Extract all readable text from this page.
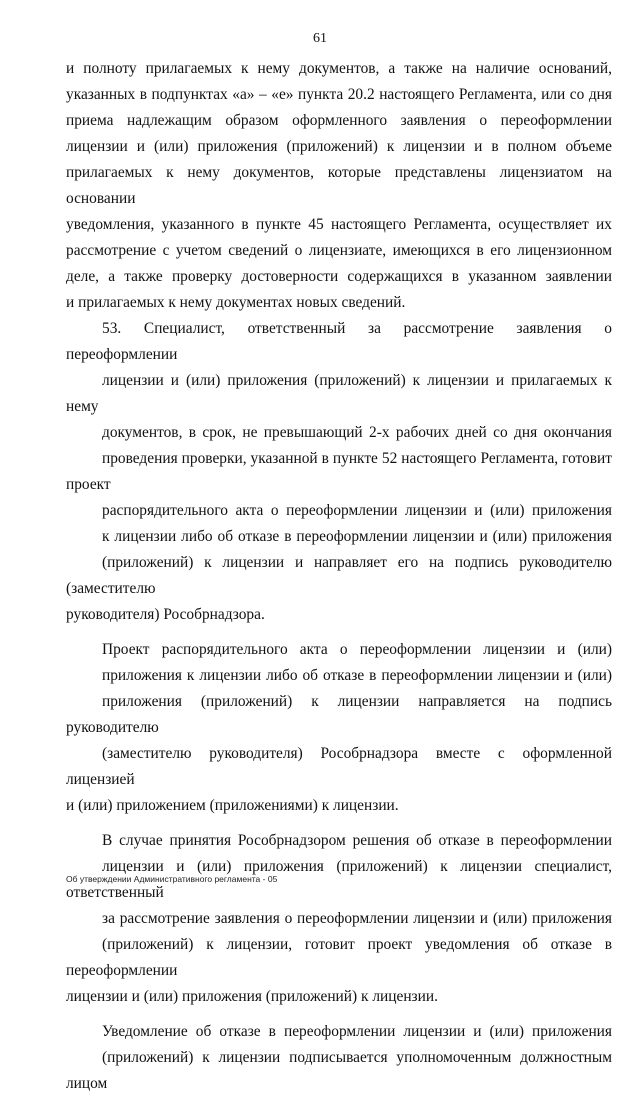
61

и полноту прилагаемых к нему документов, а также на наличие оснований,
указанных в подпунктах «а» – «е» пункта 20.2 настоящего Регламента, или со дня
приема надлежащим образом оформленного заявления о переоформлении
лицензии и (или) приложения (приложений) к лицензии и в полном объеме
прилагаемых к нему документов, которые представлены лицензиатом на основании
уведомления, указанного в пункте 45 настоящего Регламента, осуществляет их
рассмотрение с учетом сведений о лицензиате, имеющихся в его лицензионном
деле, а также проверку достоверности содержащихся в указанном заявлении

и прилагаемых к нему документах новых сведений.

53. Специалист, ответственный за рассмотрение заявления о переоформлении
лицензии и (или) приложения (приложений) к лицензии и прилагаемых к нему
документов, в срок, не превышающий 2-х рабочих дней со дня окончания
проведения проверки, указанной в пункте 52 настоящего Регламента, готовит проект
распорядительного акта о переоформлении лицензии и (или) приложения
к лицензии либо об отказе в переоформлении лицензии и (или) приложения
(приложений) к лицензии и направляет его на подпись руководителю (заместителю

руководителя) Рособрнадзора.

Проект распорядительного акта о переоформлении лицензии и (или)
приложения к лицензии либо об отказе в переоформлении лицензии и (или)
приложения (приложений) к лицензии направляется на подпись руководителю
(заместителю руководителя) Рособрнадзора вместе с оформленной лицензией

и (или) приложением (приложениями) к лицензии.

В случае принятия Рособрнадзором решения об отказе в переоформлении
лицензии и (или) приложения (приложений) к лицензии специалист, ответственный
за рассмотрение заявления о переоформлении лицензии и (или) приложения
(приложений) к лицензии, готовит проект уведомления об отказе в переоформлении

лицензии и (или) приложения (приложений) к лицензии.

Уведомление об отказе в переоформлении лицензии и (или) приложения
(приложений) к лицензии подписывается уполномоченным должностным лицом

Об утверждении Административного регламента - 05
